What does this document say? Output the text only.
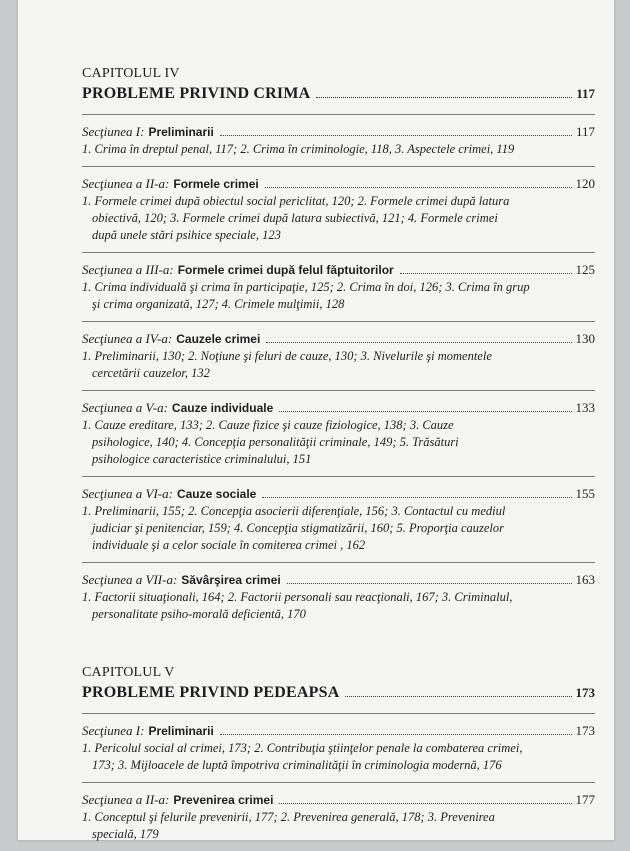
CAPITOLUL IV
PROBLEME PRIVIND CRIMA	117
Secţiunea I: Preliminarii	117
1. Crima în dreptul penal, 117; 2. Crima în criminologie, 118, 3. Aspectele crimei, 119
Secţiunea a II-a: Formele crimei	120
1. Formele crimei după obiectul social periclitat, 120; 2. Formele crimei după latura
obiectivă, 120; 3. Formele crimei după latura subiectivă, 121; 4. Formele crimei
după unele stări psihice speciale, 123
Secţiunea a III-a: Formele crimei după felul făptuitorilor	125
1. Crima individuală şi crima în participaţie, 125; 2. Crima în doi, 126; 3. Crima în grup
şi crima organizată, 127; 4. Crimele mulţimii, 128
Secţiunea a IV-a: Cauzele crimei	130
1. Preliminarii, 130; 2. Noţiune şi feluri de cauze, 130; 3. Nivelurile şi momentele
cercetării cauzelor, 132
Secţiunea a V-a: Cauze individuale	133
1. Cauze ereditare, 133; 2. Cauze fizice şi cauze fiziologice, 138; 3. Cauze
psihologice, 140; 4. Concepţia personalităţii criminale, 149; 5. Trăsături
psihologice caracteristice criminalului, 151
Secţiunea a VI-a: Cauze sociale	155
1. Preliminarii, 155; 2. Concepţia asocierii diferenţiale, 156; 3. Contactul cu mediul
judiciar şi penitenciar, 159; 4. Concepţia stigmatizării, 160; 5. Proporţia cauzelor
individuale şi a celor sociale în comiterea crimei , 162
Secţiunea a VII-a: Săvârşirea crimei	163
1. Factorii situaţionali, 164; 2. Factorii personali sau reacţionali, 167; 3. Criminalul,
personalitate psiho-morală deficientă, 170
CAPITOLUL V
PROBLEME PRIVIND PEDEAPSA	173
Secţiunea I: Preliminarii	173
1. Pericolul social al crimei, 173; 2. Contribuţia ştiinţelor penale la combaterea crimei,
173; 3. Mijloacele de luptă împotriva criminalităţii în criminologia modernă, 176
Secţiunea a II-a: Prevenirea crimei	177
1. Conceptul şi felurile prevenirii, 177; 2. Prevenirea generală, 178; 3. Prevenirea
specială, 179
